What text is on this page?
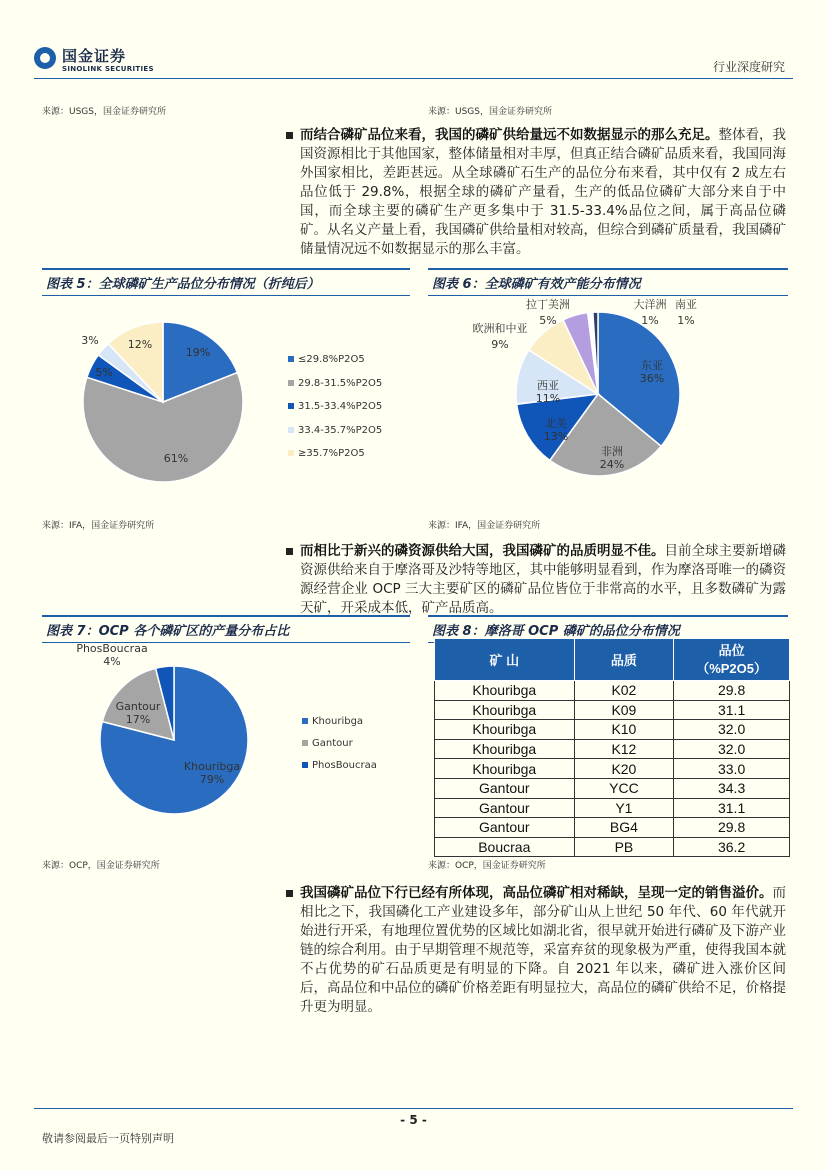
国金证券
SINOLINK SECURITIES	行业深度研究
来源：USGS，国金证券研究所	来源：USGS，国金证券研究所
而结合磷矿品位来看，我国的磷矿供给量远不如数据显示的那么充足。整体看，我国资源相比于其他国家，整体储量相对丰厚，但真正结合磷矿品质来看，我国同海外国家相比，差距甚远。从全球磷矿石生产的品位分布来看，其中仅有 2 成左右品位低于 29.8%，根据全球的磷矿产量看，生产的低品位磷矿大部分来自于中国，而全球主要的磷矿生产更多集中于 31.5-33.4%品位之间，属于高品位磷矿。从名义产量上看，我国磷矿供给量相对较高，但综合到磷矿质量看，我国磷矿储量情况远不如数据显示的那么丰富。
图表 5：全球磷矿生产品位分布情况（折纯后）
19%
61%
5%
3%	12%
≤29.8%P2O5
29.8-31.5%P2O5
31.5-33.4%P2O5
33.4-35.7%P2O5
≥35.7%P2O5
来源：IFA，国金证券研究所
图表 6：全球磷矿有效产能分布情况
36%
24%
13%
11%
9%
5%	1% 1%
东亚
非洲
北美
西亚
欧洲和中亚
拉丁美洲	大洋洲 南亚
来源：IFA，国金证券研究所
而相比于新兴的磷资源供给大国，我国磷矿的品质明显不佳。目前全球主要新增磷资源供给来自于摩洛哥及沙特等地区，其中能够明显看到，作为摩洛哥唯一的磷资源经营企业 OCP 三大主要矿区的磷矿品位皆位于非常高的水平，且多数磷矿为露天矿，开采成本低，矿产品质高。
图表 7：OCP 各个磷矿区的产量分布占比
Khouribga
79%
Gantour
17%
PhosBoucraa
4%
Khouribga
Gantour
PhosBoucraa
来源：OCP，国金证券研究所
图表 8：摩洛哥 OCP 磷矿的品位分布情况
矿 山	品质	品位
（%P2O5）
Khouribga	K02	29.8
Khouribga	K09	31.1
Khouribga	K10	32.0
Khouribga	K12	32.0
Khouribga	K20	33.0
Gantour	YCC	34.3
Gantour	Y1	31.1
Gantour	BG4	29.8
Boucraa	PB	36.2
来源：OCP，国金证券研究所
我国磷矿品位下行已经有所体现，高品位磷矿相对稀缺，呈现一定的销售溢价。而相比之下，我国磷化工产业建设多年，部分矿山从上世纪 50 年代、60 年代就开始进行开采，有地理位置优势的区域比如湖北省，很早就开始进行磷矿及下游产业链的综合利用。由于早期管理不规范等，采富弃贫的现象极为严重，使得我国本就不占优势的矿石品质更是有明显的下降。自 2021 年以来，磷矿进入涨价区间后，高品位和中品位的磷矿价格差距有明显拉大，高品位的磷矿供给不足，价格提升更为明显。
- 5 -
敬请参阅最后一页特别声明
